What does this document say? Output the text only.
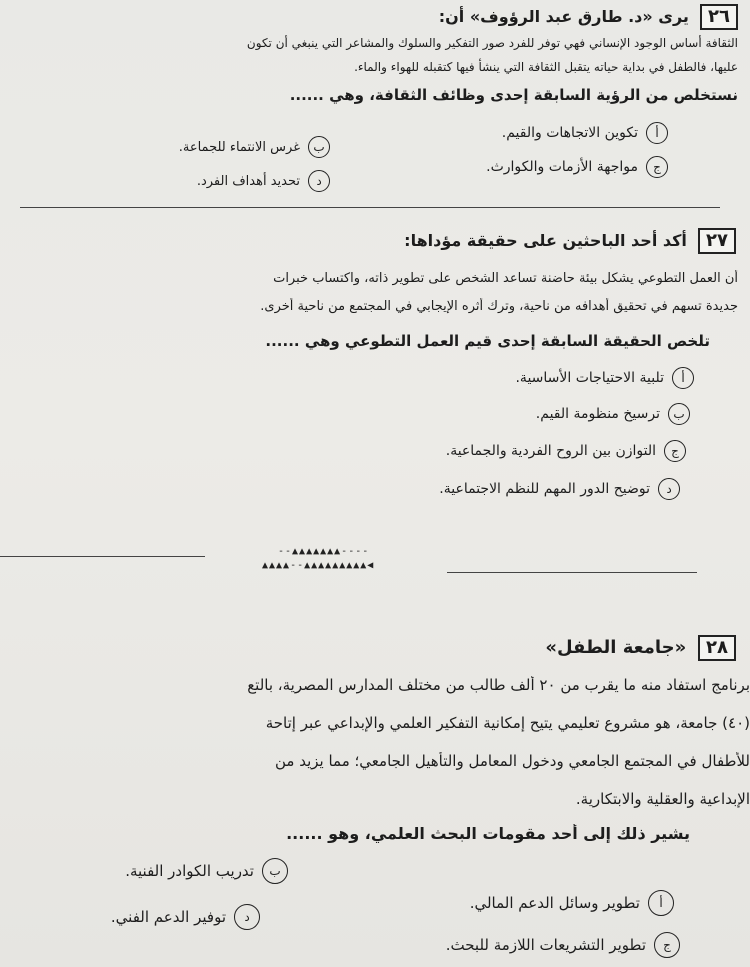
٢٦ يرى «د. طارق عبد الرؤوف» أن:
الثقافة أساس الوجود الإنساني فهي توفر للفرد صور التفكير والسلوك والمشاعر التي ينبغي أن تكون
عليها، فالطفل في بداية حياته يتقبل الثقافة التي ينشأ فيها كتقبله للهواء والماء.
نستخلص من الرؤية السابقة إحدى وظائف الثقافة، وهي ......
أ
تكوين الاتجاهات والقيم.
ب
غرس الانتماء للجماعة.
ج
مواجهة الأزمات والكوارث.
د
تحديد أهداف الفرد.
٢٧ أكد أحد الباحثين على حقيقة مؤداها:
أن العمل التطوعي يشكل بيئة حاضنة تساعد الشخص على تطوير ذاته، واكتساب خبرات
جديدة تسهم في تحقيق أهدافه من ناحية، وترك أثره الإيجابي في المجتمع من ناحية أخرى.
تلخص الحقيقة السابقة إحدى قيم العمل التطوعي وهي ......
أ
تلبية الاحتياجات الأساسية.
ب
ترسيخ منظومة القيم.
ج
التوازن بين الروح الفردية والجماعية.
د
توضيح الدور المهم للنظم الاجتماعية.
--▲▲▲▲▲▲▲----
▲▲▲▲--▲▲▲▲▲▲▲▲▲◀
٢٨ «جامعة الطفل»
برنامج استفاد منه ما يقرب من ٢٠ ألف طالب من مختلف المدارس المصرية، بالتع
(٤٠) جامعة، هو مشروع تعليمي يتيح إمكانية التفكير العلمي والإبداعي عبر إتاحة
للأطفال في المجتمع الجامعي ودخول المعامل والتأهيل الجامعي؛ مما يزيد من
الإبداعية والعقلية والابتكارية.
يشير ذلك إلى أحد مقومات البحث العلمي، وهو ......
ب
تدريب الكوادر الفنية.
أ
تطوير وسائل الدعم المالي.
د
توفير الدعم الفني.
ج
تطوير التشريعات اللازمة للبحث.
